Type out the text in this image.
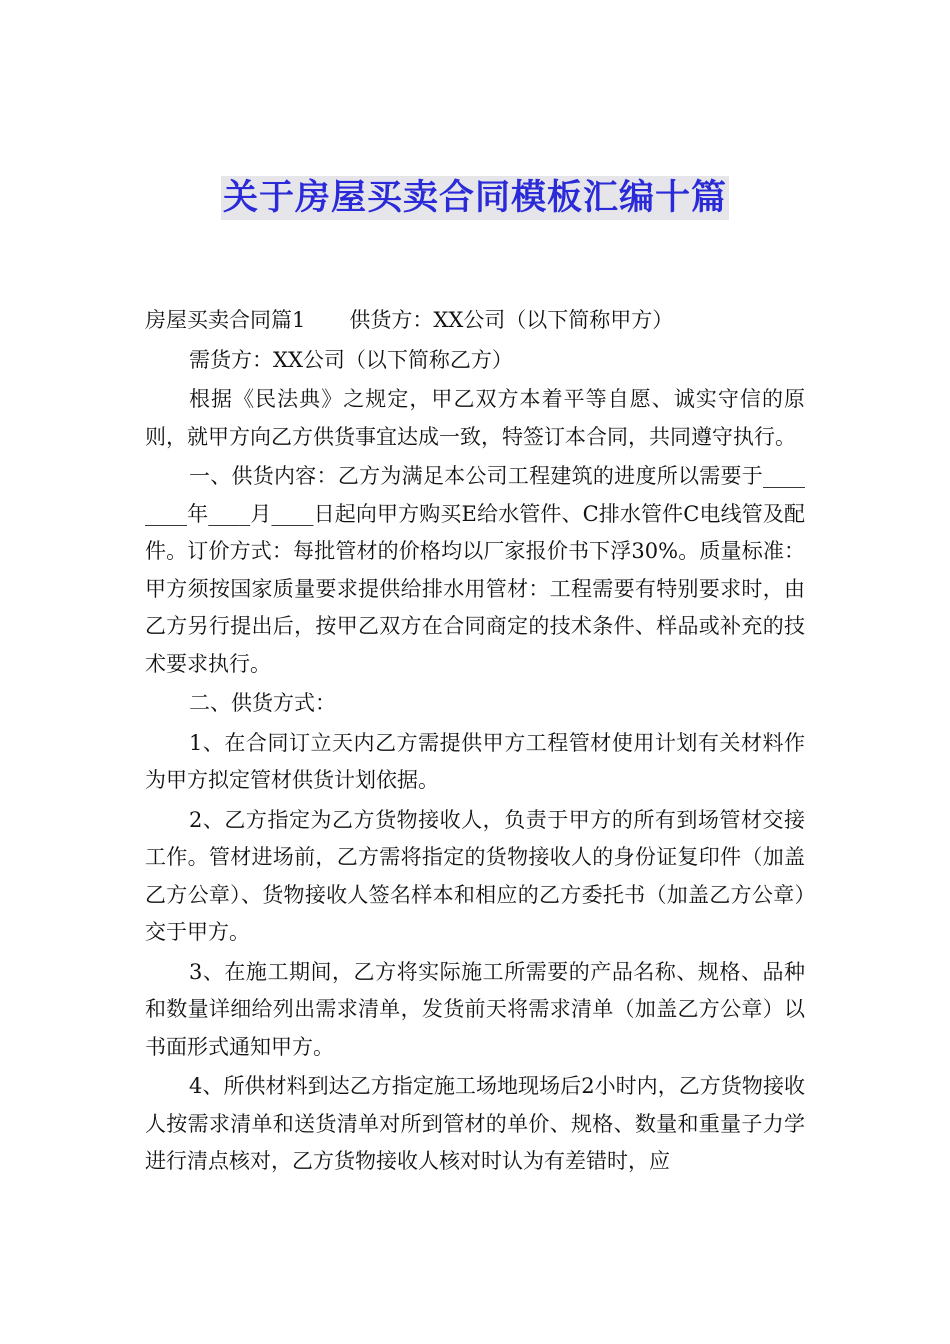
关于房屋买卖合同模板汇编十篇

房屋买卖合同篇1 供货方：XX公司（以下简称甲方）

需货方：XX公司（以下简称乙方）

根据《民法典》之规定，甲乙双方本着平等自愿、诚实守信的原则，就甲方向乙方供货事宜达成一致，特签订本合同，共同遵守执行。

一、供货内容：乙方为满足本公司工程建筑的进度所以需要于________年____月____日起向甲方购买E给水管件、C排水管件C电线管及配件。订价方式：每批管材的价格均以厂家报价书下浮30%。质量标准：甲方须按国家质量要求提供给排水用管材：工程需要有特别要求时，由乙方另行提出后，按甲乙双方在合同商定的技术条件、样品或补充的技术要求执行。

二、供货方式：

1、在合同订立天内乙方需提供甲方工程管材使用计划有关材料作为甲方拟定管材供货计划依据。

2、乙方指定为乙方货物接收人，负责于甲方的所有到场管材交接工作。管材进场前，乙方需将指定的货物接收人的身份证复印件（加盖乙方公章）、货物接收人签名样本和相应的乙方委托书（加盖乙方公章）交于甲方。

3、在施工期间，乙方将实际施工所需要的产品名称、规格、品种和数量详细给列出需求清单，发货前天将需求清单（加盖乙方公章）以书面形式通知甲方。

4、所供材料到达乙方指定施工场地现场后2小时内，乙方货物接收人按需求清单和送货清单对所到管材的单价、规格、数量和重量子力学进行清点核对，乙方货物接收人核对时认为有差错时，应
